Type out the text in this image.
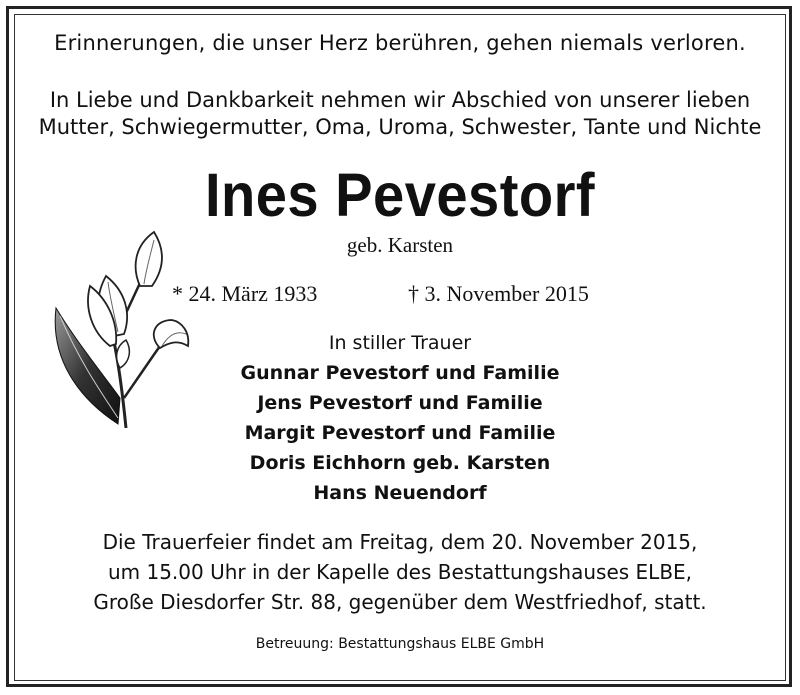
Erinnerungen, die unser Herz berühren, gehen niemals verloren.
In Liebe und Dankbarkeit nehmen wir Abschied von unserer lieben
Mutter, Schwiegermutter, Oma, Uroma, Schwester, Tante und Nichte
Ines Pevestorf
geb. Karsten
* 24. März 1933	† 3. November 2015
In stiller Trauer
Gunnar Pevestorf und Familie
Jens Pevestorf und Familie
Margit Pevestorf und Familie
Doris Eichhorn geb. Karsten
Hans Neuendorf
Die Trauerfeier findet am Freitag, dem 20. November 2015,
um 15.00 Uhr in der Kapelle des Bestattungshauses ELBE,
Große Diesdorfer Str. 88, gegenüber dem Westfriedhof, statt.
Betreuung: Bestattungshaus ELBE GmbH
